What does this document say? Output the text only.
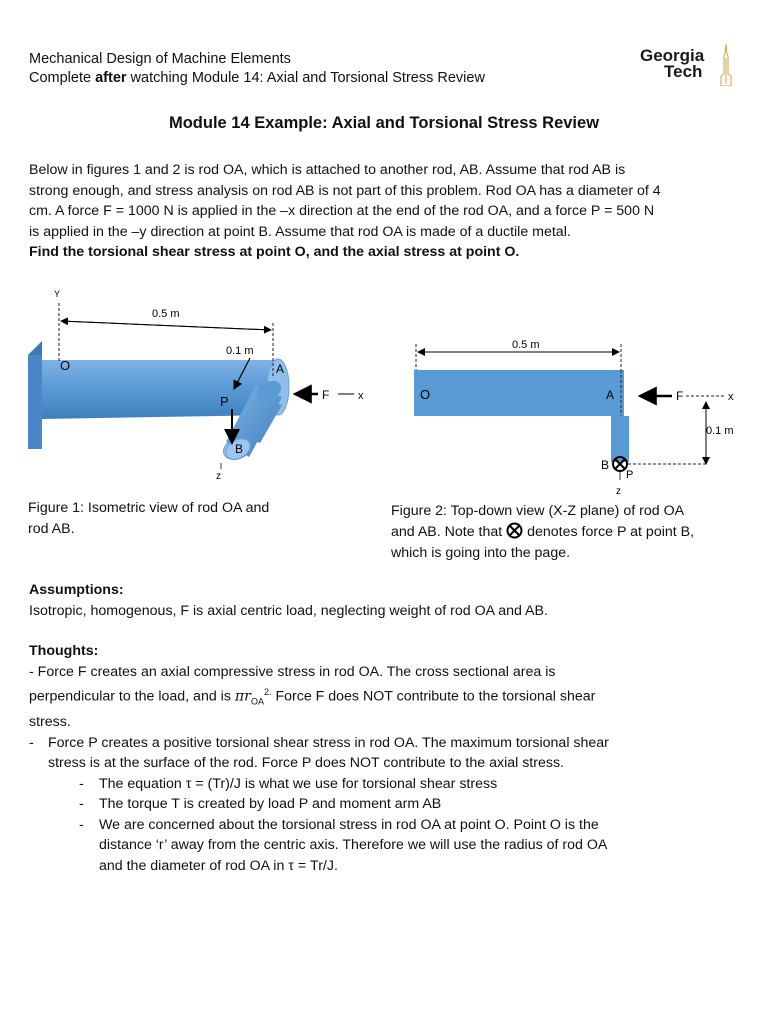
Mechanical Design of Machine Elements
Complete after watching Module 14: Axial and Torsional Stress Review
Georgia
Tech
Module 14 Example: Axial and Torsional Stress Review
Below in figures 1 and 2 is rod OA, which is attached to another rod, AB. Assume that rod AB is
strong enough, and stress analysis on rod AB is not part of this problem. Rod OA has a diameter of 4
cm. A force F = 1000 N is applied in the –x direction at the end of the rod OA, and a force P = 500 N
is applied in the –y direction at point B. Assume that rod OA is made of a ductile metal.
Find the torsional shear stress at point O, and the axial stress at point O.
0.5 m
Y
0.1 m
O	A
P
B
z
F	x
Figure 1: Isometric view of rod OA and
rod AB.
0.5 m
O	A	F	x
0.1 m
B
P
z
Figure 2: Top-down view (X-Z plane) of rod OA
and AB. Note that  denotes force P at point B,
which is going into the page.
Assumptions:
Isotropic, homogenous, F is axial centric load, neglecting weight of rod OA and AB.
Thoughts:
- Force F creates an axial compressive stress in rod OA. The cross sectional area is
perpendicular to the load, and is $\pi r_{OA}^{2.}$ Force F does NOT contribute to the torsional shear
stress.
- Force P creates a positive torsional shear stress in rod OA. The maximum torsional shear
stress is at the surface of the rod. Force P does NOT contribute to the axial stress.
- The equation τ = (Tr)/J is what we use for torsional shear stress
- The torque T is created by load P and moment arm AB
- We are concerned about the torsional stress in rod OA at point O. Point O is the
distance ‘r’ away from the centric axis. Therefore we will use the radius of rod OA
and the diameter of rod OA in τ = Tr/J.
